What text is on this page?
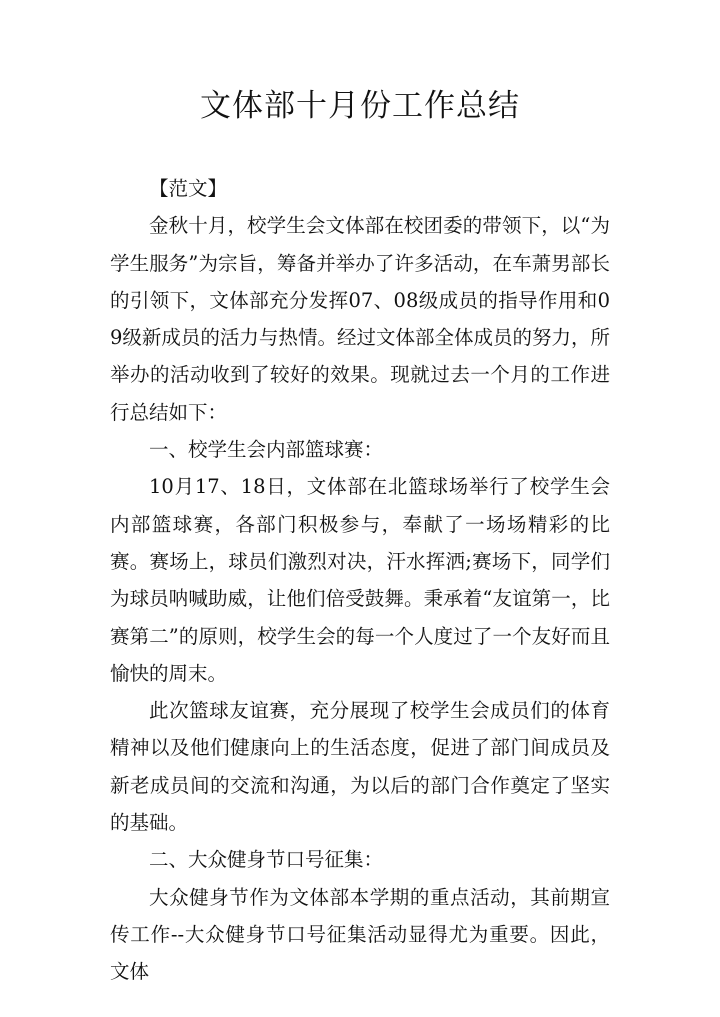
文体部十月份工作总结

【范文】

金秋十月，校学生会文体部在校团委的带领下，以“为学生服务”为宗旨，筹备并举办了许多活动，在车萧男部长的引领下，文体部充分发挥07、08级成员的指导作用和09级新成员的活力与热情。经过文体部全体成员的努力，所举办的活动收到了较好的效果。现就过去一个月的工作进行总结如下：

一、校学生会内部篮球赛：

10月17、18日，文体部在北篮球场举行了校学生会内部篮球赛，各部门积极参与，奉献了一场场精彩的比赛。赛场上，球员们激烈对决，汗水挥洒;赛场下，同学们为球员呐喊助威，让他们倍受鼓舞。秉承着“友谊第一，比赛第二”的原则，校学生会的每一个人度过了一个友好而且愉快的周末。

此次篮球友谊赛，充分展现了校学生会成员们的体育精神以及他们健康向上的生活态度，促进了部门间成员及新老成员间的交流和沟通，为以后的部门合作奠定了坚实的基础。

二、大众健身节口号征集：

大众健身节作为文体部本学期的重点活动，其前期宣传工作--大众健身节口号征集活动显得尤为重要。因此，文体
